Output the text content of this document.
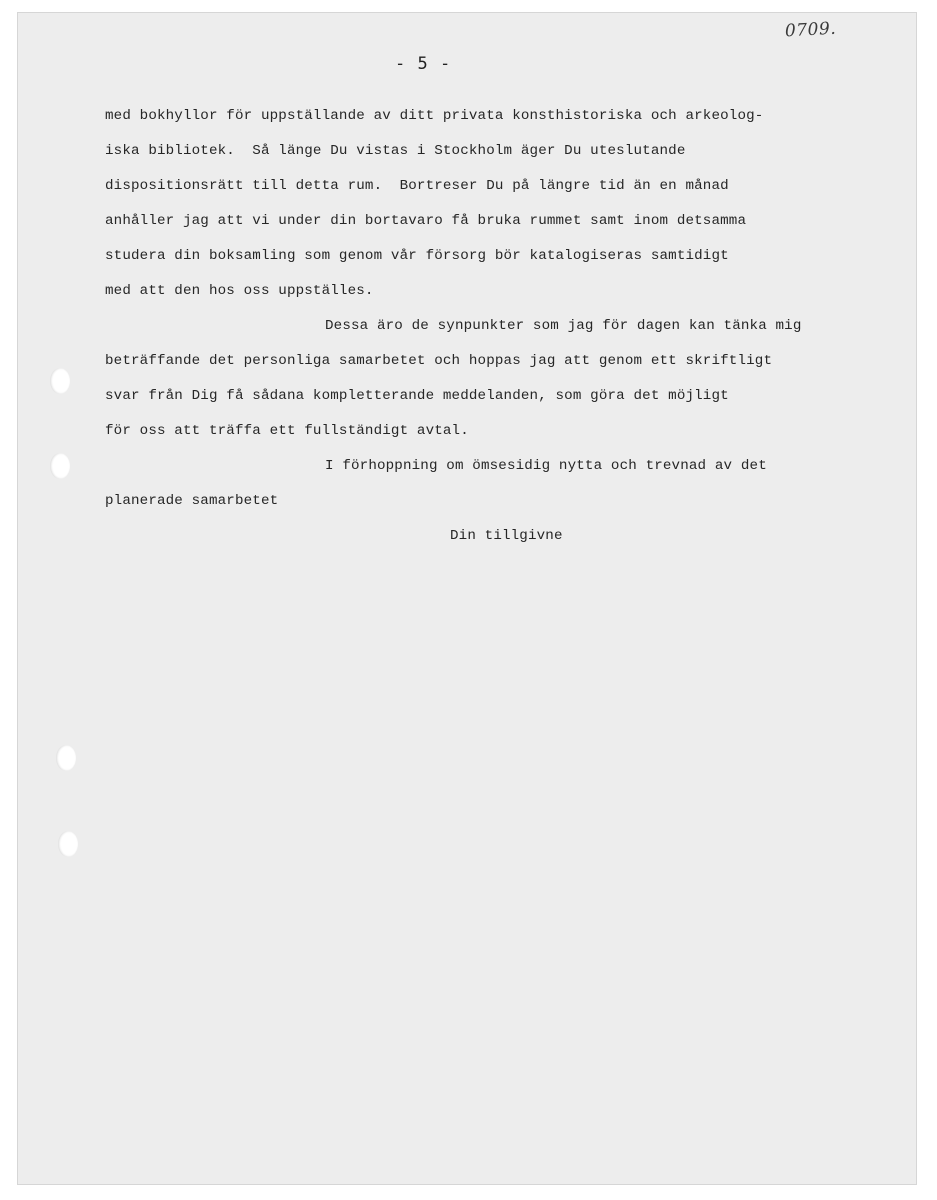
0709.
- 5 -
med bokhyllor för uppställande av ditt privata konsthistoriska och arkeolog-
iska bibliotek.  Så länge Du vistas i Stockholm äger Du uteslutande
dispositionsrätt till detta rum.  Bortreser Du på längre tid än en månad
anhåller jag att vi under din bortavaro få bruka rummet samt inom detsamma
studera din boksamling som genom vår försorg bör katalogiseras samtidigt
med att den hos oss uppställes.
Dessa äro de synpunkter som jag för dagen kan tänka mig
beträffande det personliga samarbetet och hoppas jag att genom ett skriftligt
svar från Dig få sådana kompletterande meddelanden, som göra det möjligt
för oss att träffa ett fullständigt avtal.
I förhoppning om ömsesidig nytta och trevnad av det
planerade samarbetet
Din tillgivne
